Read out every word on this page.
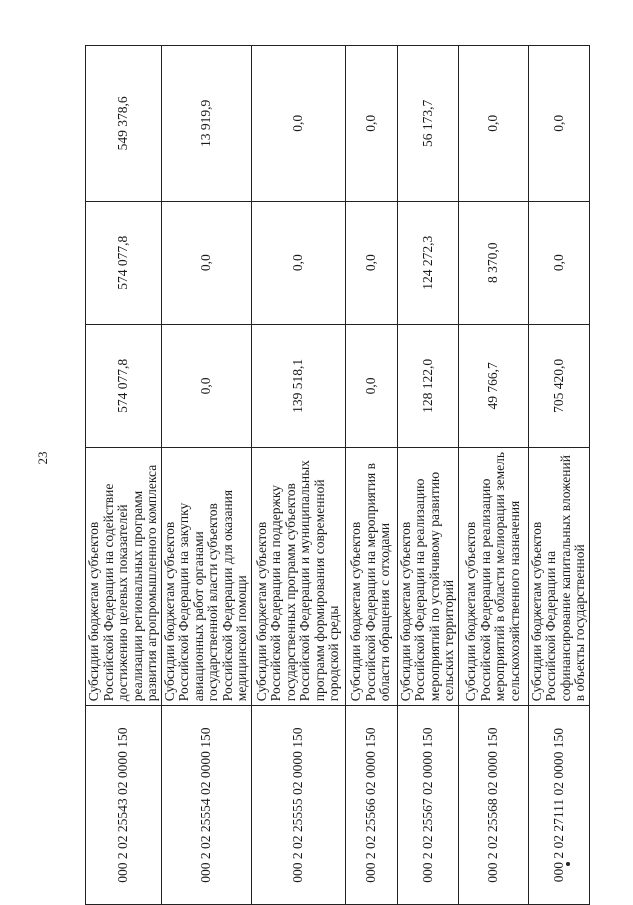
23
000 2 02 25543 02 0000 150	Субсидии бюджетам субъектов Российской Федерации на содействие достижению целевых показателей реализации региональных программ развития агропромышленного комплекса	574 077,8	574 077,8	549 378,6
000 2 02 25554 02 0000 150	Субсидии бюджетам субъектов Российской Федерации на закупку авиационных работ органами государственной власти субъектов Российской Федерации для оказания медицинской помощи	0,0	0,0	13 919,9
000 2 02 25555 02 0000 150	Субсидии бюджетам субъектов Российской Федерации на поддержку государственных программ субъектов Российской Федерации и муниципальных программ формирования современной городской среды	139 518,1	0,0	0,0
000 2 02 25566 02 0000 150	Субсидии бюджетам субъектов Российской Федерации на мероприятия в области обращения с отходами	0,0	0,0	0,0
000 2 02 25567 02 0000 150	Субсидии бюджетам субъектов Российской Федерации на реализацию мероприятий по устойчивому развитию сельских территорий	128 122,0	124 272,3	56 173,7
000 2 02 25568 02 0000 150	Субсидии бюджетам субъектов Российской Федерации на реализацию мероприятий в области мелиорации земель сельскохозяйственного назначения	49 766,7	8 370,0	0,0
000 2 02 27111 02 0000 150	Субсидии бюджетам субъектов Российской Федерации на софинансирование капитальных вложений в объекты государственной	705 420,0	0,0	0,0
